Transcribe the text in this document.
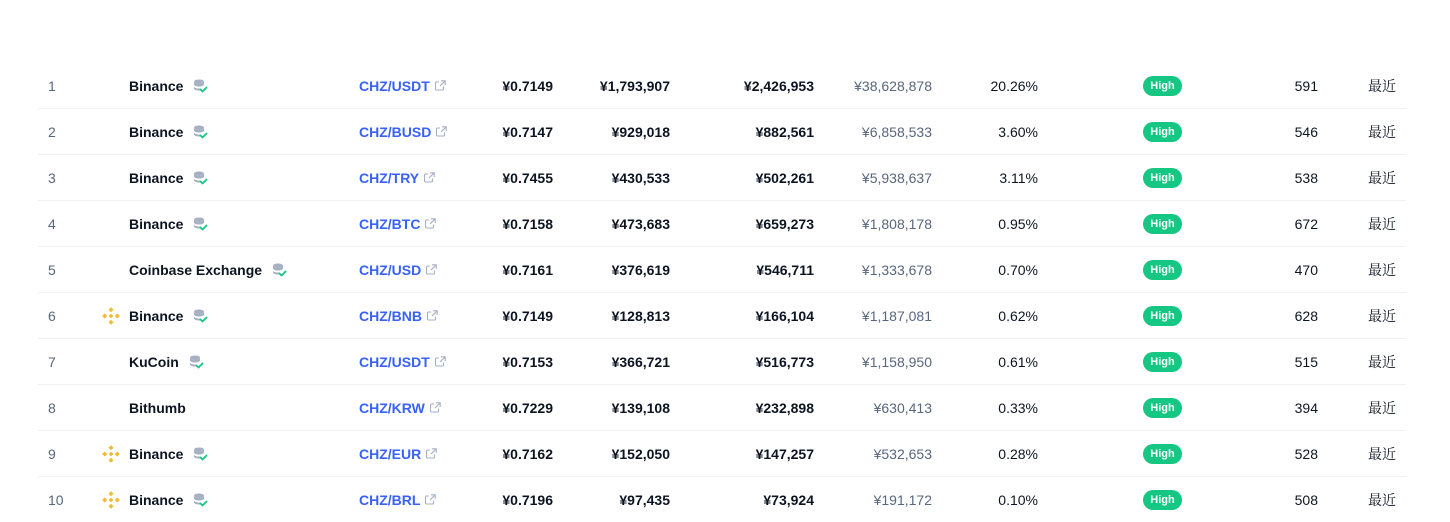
1	Binance	CHZ/USDT	¥0.7149	¥1,793,907	¥2,426,953	¥38,628,878	20.26%	High	591	最近
2	Binance	CHZ/BUSD	¥0.7147	¥929,018	¥882,561	¥6,858,533	3.60%	High	546	最近
3	Binance	CHZ/TRY	¥0.7455	¥430,533	¥502,261	¥5,938,637	3.11%	High	538	最近
4	Binance	CHZ/BTC	¥0.7158	¥473,683	¥659,273	¥1,808,178	0.95%	High	672	最近
5	Coinbase Exchange	CHZ/USD	¥0.7161	¥376,619	¥546,711	¥1,333,678	0.70%	High	470	最近
6	Binance	CHZ/BNB	¥0.7149	¥128,813	¥166,104	¥1,187,081	0.62%	High	628	最近
7	KuCoin	CHZ/USDT	¥0.7153	¥366,721	¥516,773	¥1,158,950	0.61%	High	515	最近
8	Bithumb	CHZ/KRW	¥0.7229	¥139,108	¥232,898	¥630,413	0.33%	High	394	最近
9	Binance	CHZ/EUR	¥0.7162	¥152,050	¥147,257	¥532,653	0.28%	High	528	最近
10	Binance	CHZ/BRL	¥0.7196	¥97,435	¥73,924	¥191,172	0.10%	High	508	最近
